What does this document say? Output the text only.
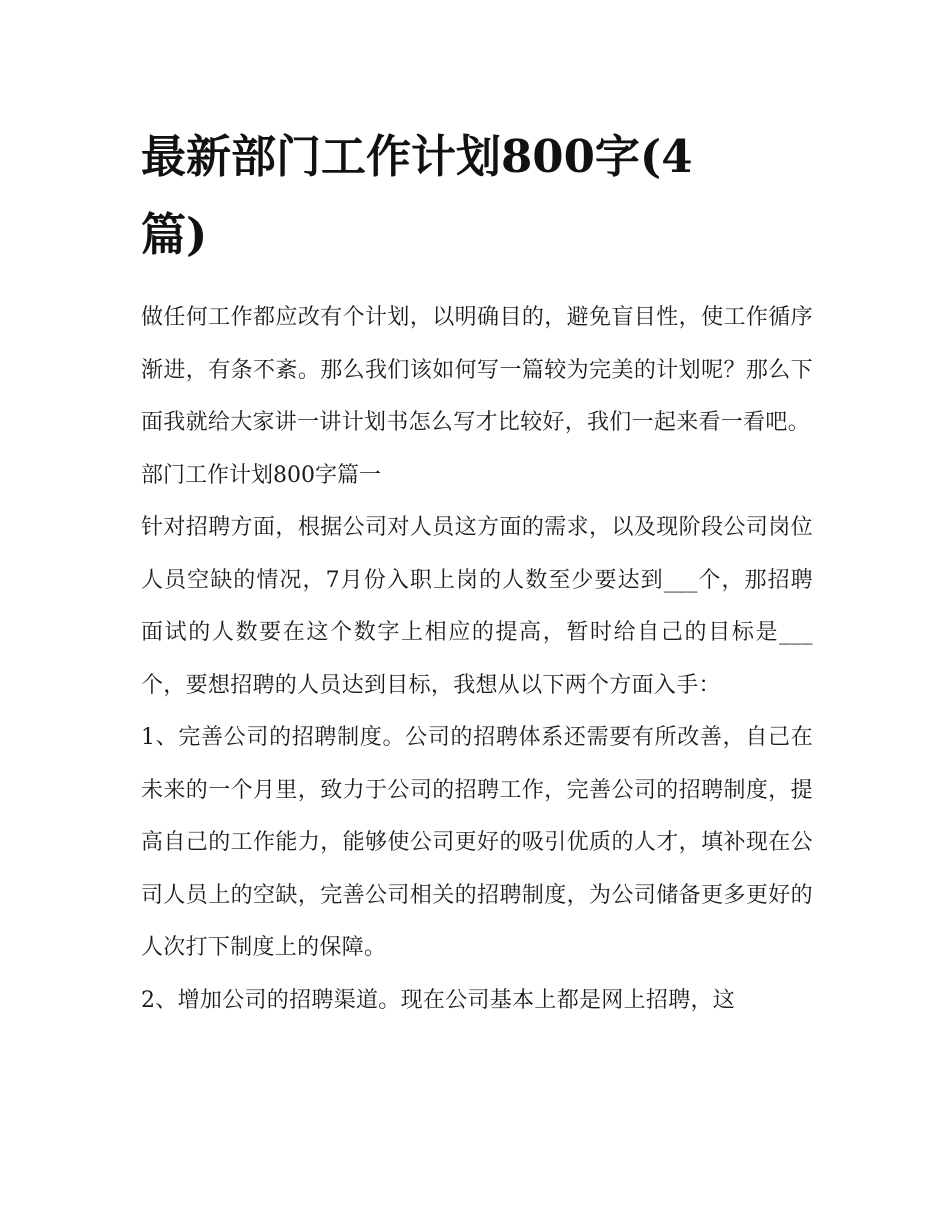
最新部门工作计划800字(4篇)

做任何工作都应改有个计划，以明确目的，避免盲目性，使工作循序渐进，有条不紊。那么我们该如何写一篇较为完美的计划呢？那么下面我就给大家讲一讲计划书怎么写才比较好，我们一起来看一看吧。

部门工作计划800字篇一

针对招聘方面，根据公司对人员这方面的需求，以及现阶段公司岗位人员空缺的情况，7月份入职上岗的人数至少要达到___个，那招聘面试的人数要在这个数字上相应的提高，暂时给自己的目标是___个，要想招聘的人员达到目标，我想从以下两个方面入手：

1、完善公司的招聘制度。公司的招聘体系还需要有所改善，自己在未来的一个月里，致力于公司的招聘工作，完善公司的招聘制度，提高自己的工作能力，能够使公司更好的吸引优质的人才，填补现在公司人员上的空缺，完善公司相关的招聘制度，为公司储备更多更好的人次打下制度上的保障。

2、增加公司的招聘渠道。现在公司基本上都是网上招聘，这
